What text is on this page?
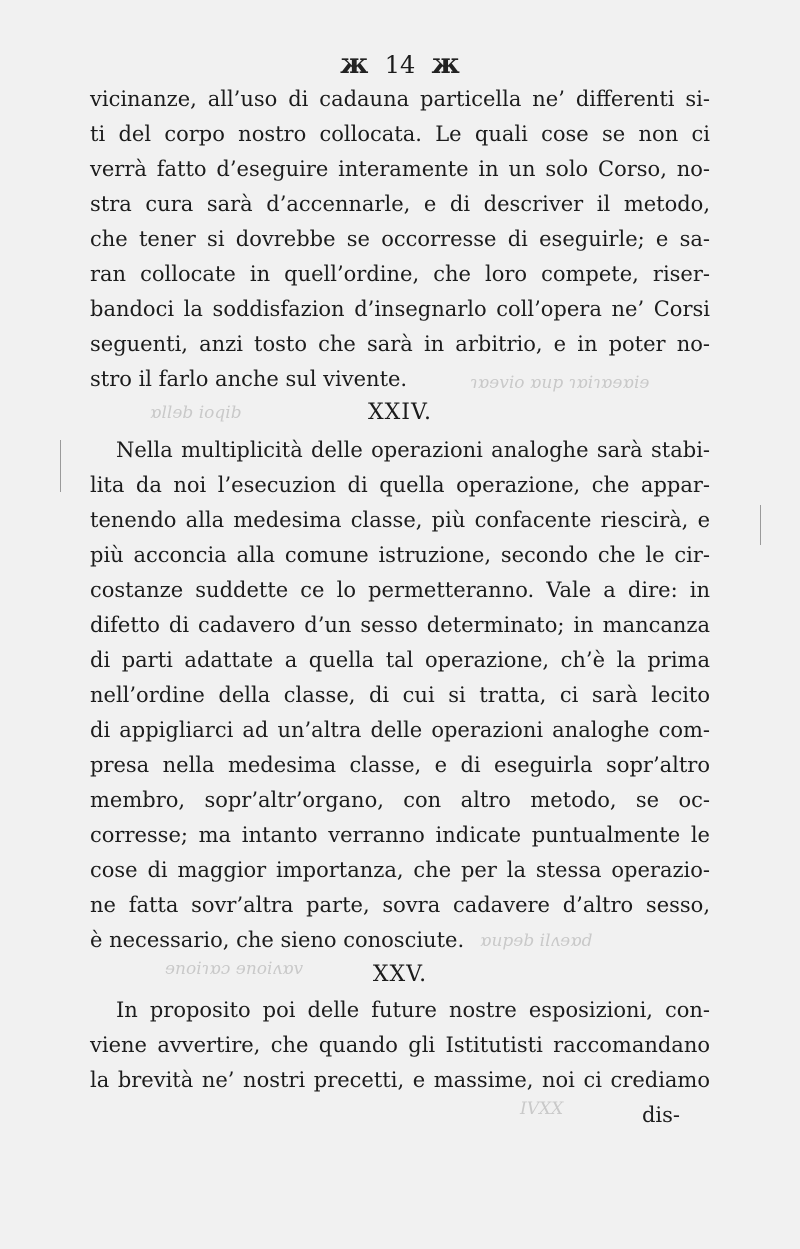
ж 14 ж
vicinanze, all’uso di cadauna particella ne’ differenti si-
ti del corpo nostro collocata. Le quali cose se non ci
verrà fatto d’eseguire interamente in un solo Corso, no-
stra cura sarà d’accennarle, e di descriver il metodo,
che tener si dovrebbe se occorresse di eseguirle; e sa-
ran collocate in quell’ordine, che loro compete, riser-
bandoci la soddisfazion d’insegnarlo coll’opera ne’ Corsi
seguenti, anzi tosto che sarà in arbitrio, e in poter no-
stro il farlo anche sul vivente.
XXIV.
Nella multiplicità delle operazioni analoghe sarà stabi-
lita da noi l’esecuzion di quella operazione, che appar-
tenendo alla medesima classe, più confacente riescirà, e
più acconcia alla comune istruzione, secondo che le cir-
costanze suddette ce lo permetteranno. Vale a dire: in
difetto di cadavero d’un sesso determinato; in mancanza
di parti adattate a quella tal operazione, ch’è la prima
nell’ordine della classe, di cui si tratta, ci sarà lecito
di appigliarci ad un’altra delle operazioni analoghe com-
presa nella medesima classe, e di eseguirla sopr’altro
membro, sopr’altr’organo, con altro metodo, se oc-
corresse; ma intanto verranno indicate puntualmente le
cose di maggior importanza, che per la stessa operazio-
ne fatta sovr’altra parte, sovra cadavere d’altro sesso,
è necessario, che sieno conosciute.
XXV.
In proposito poi delle future nostre esposizioni, con-
viene avvertire, che quando gli Istitutisti raccomandano
la brevità ne’ nostri precetti, e massime, noi ci crediamo
dis-
ɿɒɘvio ɒup ɿɒiɿɒɘɒiɘ
ɒllɘb ioqib
ɒupɘb ilʌɘɒd
ɘnoiɿɒɔ ɘnoiʌɒv
IVXX
